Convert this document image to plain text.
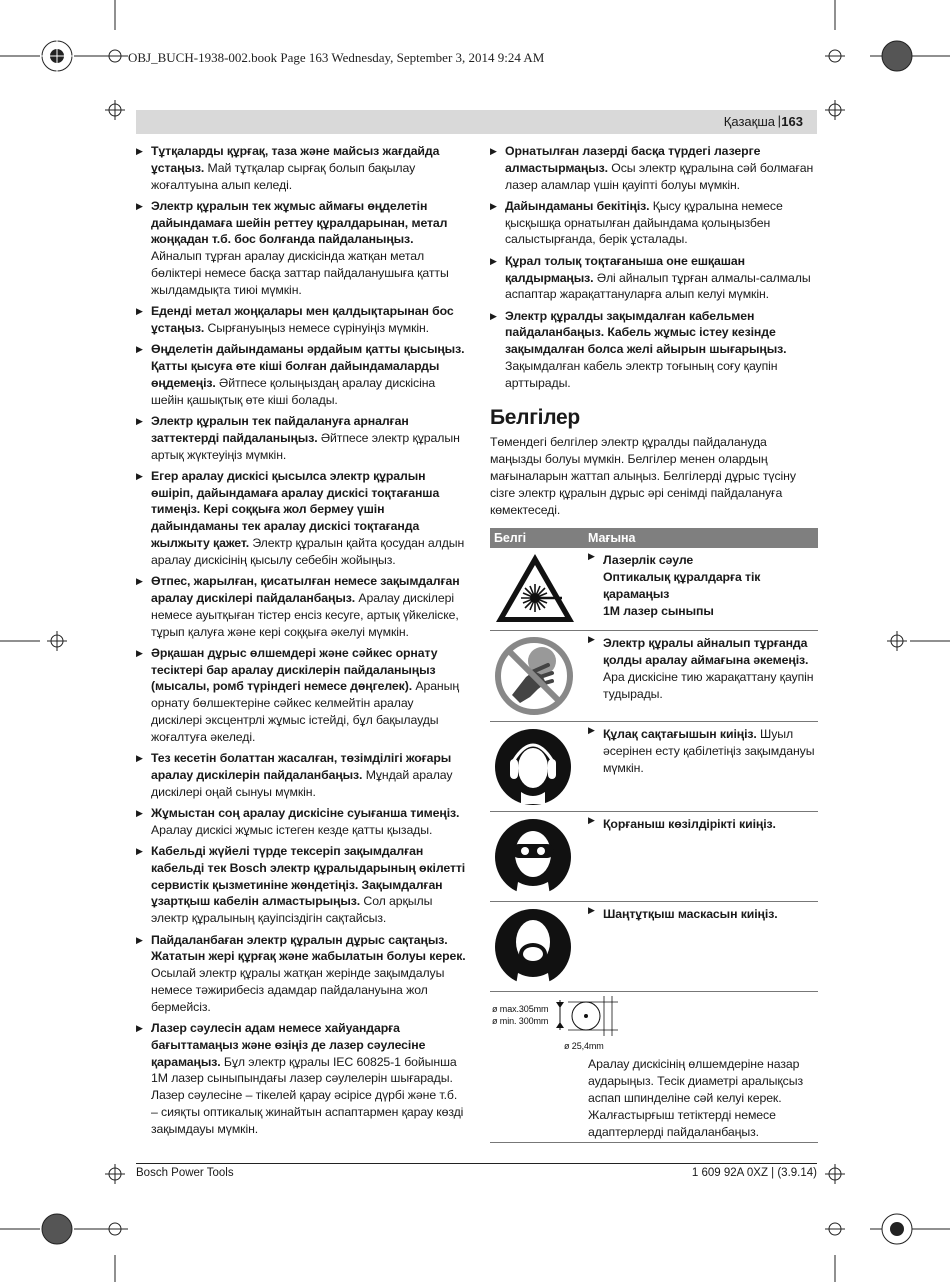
OBJ_BUCH-1938-002.book Page 163 Wednesday, September 3, 2014 9:24 AM
Қазақша | 163
▶ Тұтқаларды құрғақ, таза және майсыз жағдайда ұстаңыз. Май тұтқалар сырғақ болып бақылау жоғалтуына алып келеді.
▶ Электр құралын тек жұмыс аймағы өңделетін дайындамаға шейін реттеу құралдарынан, метал жоңқадан т.б. бос болғанда пайдаланыңыз. Айналып тұрған аралау дискісінда жатқан метал бөліктері немесе басқа заттар пайдаланушыға қатты жылдамдықта тиюі мүмкін.
▶ Еденді метал жоңқалары мен қалдықтарынан бос ұстаңыз. Сырғануыңыз немесе сүрінуіңіз мүмкін.
▶ Өңделетін дайындаманы әрдайым қатты қысыңыз. Қатты қысуға өте кіші болған дайындамаларды өңдемеңіз. Әйтпесе қолыңыздаң аралау дискісіна шейін қашықтық өте кіші болады.
▶ Электр құралын тек пайдалануға арналған заттектерді пайдаланыңыз. Әйтпесе электр құралын артық жүктеуіңіз мүмкін.
▶ Егер аралау дискісі қысылса электр құралын өшіріп, дайындамаға аралау дискісі тоқтағанша тимеңіз. Кері соққыға жол бермеу үшін дайындаманы тек аралау дискісі тоқтағанда жылжыту қажет. Электр құралын қайта қосудан алдын аралау дискісінің қысылу себебін жойыңыз.
▶ Өтпес, жарылған, қисатылған немесе зақымдалған аралау дискілері пайдаланбаңыз. Аралау дискілері немесе ауытқыған тістер енсіз кесуге, артық үйкеліске, тұрып қалуға және кері соққыға әкелуі мүмкін.
▶ Әрқашан дұрыс өлшемдері және сәйкес орнату тесіктері бар аралау дискілерін пайдаланыңыз (мысалы, ромб түріндегі немесе дөңгелек). Араның орнату бөлшектеріне сәйкес келмейтін аралау дискілері эксцентрлі жұмыс істейді, бұл бақылауды жоғалтуға әкеледі.
▶ Тез кесетін болаттан жасалған, төзімділігі жоғары аралау дискілерін пайдаланбаңыз. Мұндай аралау дискілері оңай сынуы мүмкін.
▶ Жұмыстан соң аралау дискісіне суығанша тимеңіз. Аралау дискісі жұмыс істеген кезде қатты қызады.
▶ Кабельді жүйелі түрде тексеріп зақымдалған кабельді тек Bosch электр құралыдарының өкілетті сервистік қызметиніне жөндетіңіз. Зақымдалған ұзартқыш кабелін алмастырыңыз. Сол арқылы электр құралының қауіпсіздігін сақтайсыз.
▶ Пайдаланбаған электр құралын дұрыс сақтаңыз. Жататын жері құрғақ және жабылатын болуы керек. Осылай электр құралы жатқан жерінде зақымдалуы немесе тәжирибесіз адамдар пайдалануына жол бермейсіз.
▶ Лазер сәулесін адам немесе хайуандарға бағыттамаңыз және өзіңіз де лазер сәулесіне қарамаңыз. Бұл электр құралы IEC 60825-1 бойынша 1М лазер сыныпындағы лазер сәулелерін шығарады. Лазер сәулесіне – тікелей қарау әсірісе дүрбі және т.б. – сияқты оптикалық жинайтын аспаптармен қарау көзді зақымдауы мүмкін.
▶ Орнатылған лазерді басқа түрдегі лазерге алмастырмаңыз. Осы электр құралына сәй болмаған лазер аламлар үшін қауіпті болуы мүмкін.
▶ Дайындаманы бекітіңіз. Қысу құралына немесе қысқышқа орнатылған дайындама қолыңызбен салыстырғанда, берік ұсталады.
▶ Құрал толық тоқтағаныша оне ешқашан қалдырмаңыз. Әлі айналып тұрған алмалы-салмалы аспаптар жарақаттануларға алып келуі мүмкін.
▶ Электр құралды зақымдалған кабельмен пайдаланбаңыз. Кабель жұмыс істеу кезінде зақымдалған болса желі айырын шығарыңыз. Зақымдалған кабель электр тоғының соғу қаупін арттырады.
Белгілер

Төмендегі белгілер электр құралды пайдалануда маңызды болуы мүмкін. Белгілер менен олардың мағыналарын жаттап алыңыз. Белгілерді дұрыс түсіну сізге электр құралын дұрыс әрі сенімді пайдалануға көмектеседі.

Белгі	Мағына
▶ Лазерлік сәуле
Оптикалық құралдарға тік қарамаңыз
1М лазер сыныпы
▶ Электр құралы айналып тұрғанда қолды аралау аймағына әкемеңіз. Ара дискісіне тию жарақаттану қаупін тудырады.
▶ Құлақ сақтағышын киіңіз. Шуыл әсерінен есту қабілетіңіз зақымдануы мүмкін.
▶ Қорғаныш көзілдірікті киіңіз.
▶ Шаңтұтқыш маскасын киіңіз.
ø max.305mm
ø min. 300mm
ø 25,4mm
Аралау дискісінің өлшемдеріне назар аударыңыз. Тесік диаметрі аралықсыз аспап шпинделіне сәй келуі керек. Жалғастырғыш тетіктерді немесе адаптерлерді пайдаланбаңыз.
Bosch Power Tools	1 609 92A 0XZ | (3.9.14)
